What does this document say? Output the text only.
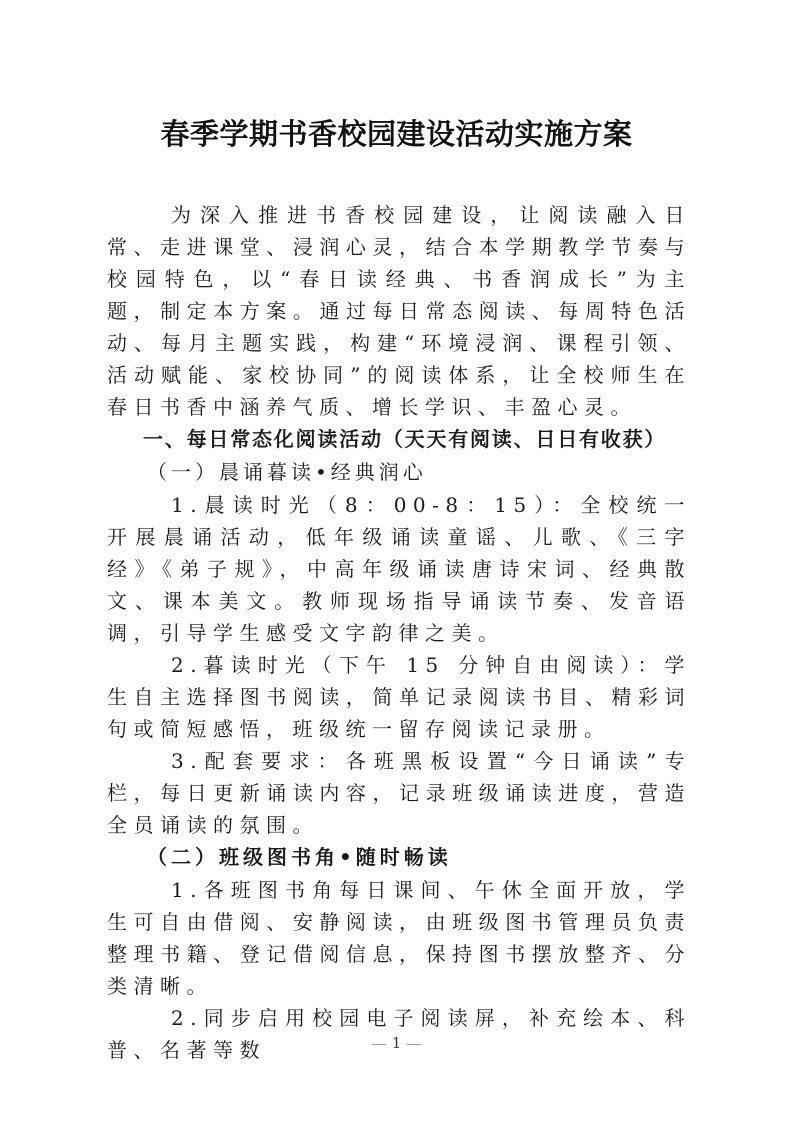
春季学期书香校园建设活动实施方案

为深入推进书香校园建设，让阅读融入日常、走进课堂、浸润心灵，结合本学期教学节奏与校园特色，以“春日读经典、书香润成长”为主题，制定本方案。通过每日常态阅读、每周特色活动、每月主题实践，构建“环境浸润、课程引领、活动赋能、家校协同”的阅读体系，让全校师生在春日书香中涵养气质、增长学识、丰盈心灵。

一、每日常态化阅读活动（天天有阅读、日日有收获）

（一）晨诵暮读•经典润心

1.晨读时光（8：00-8：15）：全校统一开展晨诵活动，低年级诵读童谣、儿歌、《三字经》《弟子规》，中高年级诵读唐诗宋词、经典散文、课本美文。教师现场指导诵读节奏、发音语调，引导学生感受文字韵律之美。

2.暮读时光（下午 15 分钟自由阅读）：学生自主选择图书阅读，简单记录阅读书目、精彩词句或简短感悟，班级统一留存阅读记录册。

3.配套要求：各班黑板设置“今日诵读”专栏，每日更新诵读内容，记录班级诵读进度，营造全员诵读的氛围。

（二）班级图书角•随时畅读

1.各班图书角每日课间、午休全面开放，学生可自由借阅、安静阅读，由班级图书管理员负责整理书籍、登记借阅信息，保持图书摆放整齐、分类清晰。

2.同步启用校园电子阅读屏，补充绘本、科普、名著等数	1
